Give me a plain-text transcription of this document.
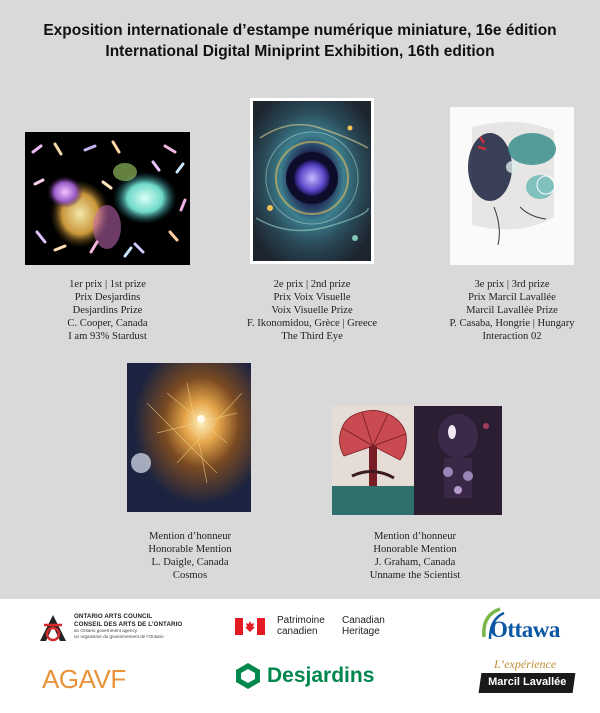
Exposition internationale d’estampe numérique miniature, 16e édition
International Digital Miniprint Exhibition, 16th edition
1er prix | 1st prize
Prix Desjardins
Desjardins Prize
C. Cooper, Canada
I am 93% Stardust
2e prix | 2nd prize
Prix Voix Visuelle
Voix Visuelle Prize
F. Ikonomidou, Grèce | Greece
The Third Eye
3e prix | 3rd prize
Prix Marcil Lavallée
Marcil Lavallée Prize
P. Casaba, Hongrie | Hungary
Interaction 02
Mention d’honneur
Honorable Mention
L. Daigle, Canada
Cosmos
Mention d’honneur
Honorable Mention
J. Graham, Canada
Unname the Scientist
ONTARIO ARTS COUNCIL
CONSEIL DES ARTS DE L’ONTARIO
an Ontario government agency
un organisme du gouvernement de l’Ontario
Patrimoine
canadien
Canadian
Heritage	Ottawa
AGAVF	Desjardins	L’expérience
Marcil Lavallée
